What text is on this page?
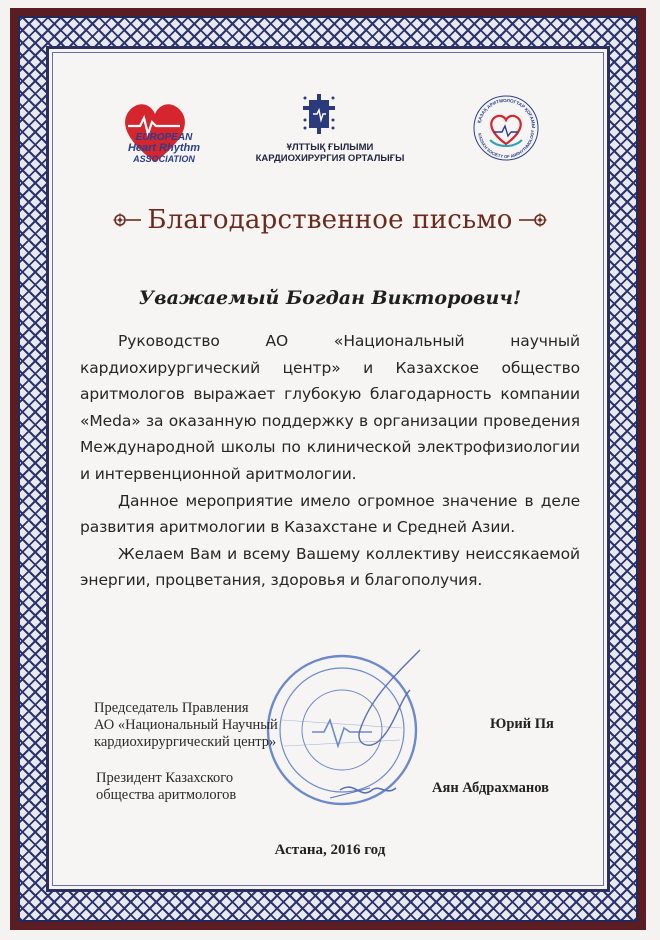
EUROPEAN
Heart Rhythm
ASSOCIATION
ҰЛТТЫҚ ҒЫЛЫМИ
КАРДИОХИРУРГИЯ ОРТАЛЫҒЫ
ҚАЗАҚ АРИТМОЛОГТАР ҚОҒАМЫ
KAZAKH SOCIETY OF ARRHYTHMOLOGY
Благодарственное письмо
Уважаемый Богдан Викторович!

Руководство АО «Национальный научный кардиохирургический центр» и Казахское общество аритмологов выражает глубокую благодарность компании «Meda» за оказанную поддержку в организации проведения Международной школы по клинической электрофизиологии и интервенционной аритмологии.

Данное мероприятие имело огромное значение в деле развития аритмологии в Казахстане и Средней Азии.

Желаем Вам и всему Вашему коллективу неиссякаемой энергии, процветания, здоровья и благополучия.

Председатель Правления
АО «Национальный Научный
кардиохирургический центр»
Юрий Пя
Президент Казахского
общества аритмологов	Аян Абдрахманов
Астана, 2016 год
